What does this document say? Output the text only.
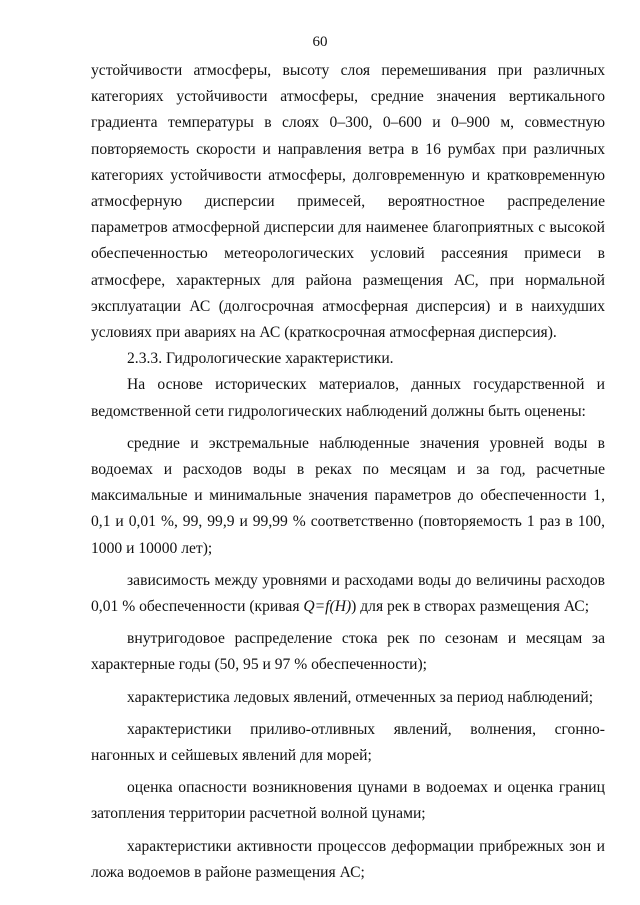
60

устойчивости атмосферы, высоту слоя перемешивания при различных категориях устойчивости атмосферы, средние значения вертикального градиента температуры в слоях 0–300, 0–600 и 0–900 м, совместную повторяемость скорости и направления ветра в 16 румбах при различных категориях устойчивости атмосферы, долговременную и кратковременную атмосферную дисперсии примесей, вероятностное распределение параметров атмосферной дисперсии для наименее благоприятных с высокой обеспеченностью метеорологических условий рассеяния примеси в атмосфере, характерных для района размещения АС, при нормальной эксплуатации АС (долгосрочная атмосферная дисперсия) и в наихудших условиях при авариях на АС (краткосрочная атмосферная дисперсия).

2.3.3. Гидрологические характеристики.

На основе исторических материалов, данных государственной и ведомственной сети гидрологических наблюдений должны быть оценены:

средние и экстремальные наблюденные значения уровней воды в водоемах и расходов воды в реках по месяцам и за год, расчетные максимальные и минимальные значения параметров до обеспеченности 1, 0,1 и 0,01 %, 99, 99,9 и 99,99 % соответственно (повторяемость 1 раз в 100, 1000 и 10000 лет);

зависимость между уровнями и расходами воды до величины расходов 0,01 % обеспеченности (кривая Q=f(H)) для рек в створах размещения АС;

внутригодовое распределение стока рек по сезонам и месяцам за характерные годы (50, 95 и 97 % обеспеченности);

характеристика ледовых явлений, отмеченных за период наблюдений;

характеристики приливо-отливных явлений, волнения, сгонно-нагонных и сейшевых явлений для морей;

оценка опасности возникновения цунами в водоемах и оценка границ затопления территории расчетной волной цунами;

характеристики активности процессов деформации прибрежных зон и ложа водоемов в районе размещения АС;
